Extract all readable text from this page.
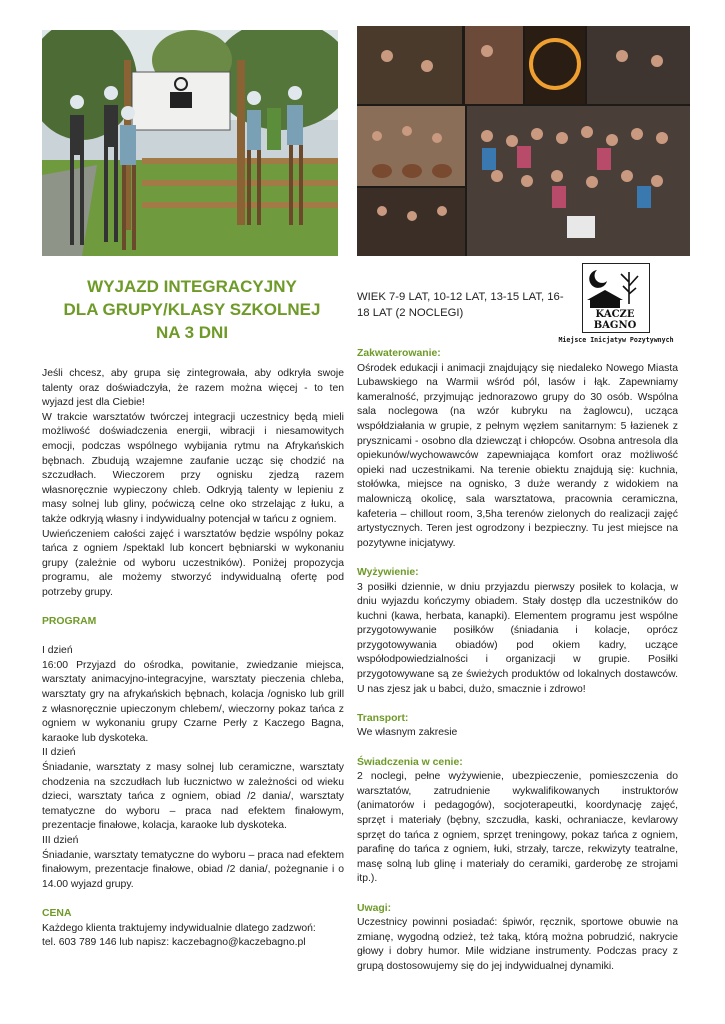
WYJAZD INTEGRACYJNY
DLA GRUPY/KLASY SZKOLNEJ
NA 3 DNI
WIEK 7-9 LAT, 10-12 LAT, 13-15 LAT, 16-18 LAT (2 NOCLEGI)	KACZE
BAGNO
Miejsce Inicjatyw Pozytywnych

Jeśli chcesz, aby grupa się zintegrowała, aby odkryła swoje talenty oraz doświadczyła, że razem można więcej - to ten wyjazd jest dla Ciebie!

W trakcie warsztatów twórczej integracji uczestnicy będą mieli możliwość doświadczenia energii, wibracji i niesamowitych emocji, podczas wspólnego wybijania rytmu na Afrykańskich bębnach. Zbudują wzajemne zaufanie ucząc się chodzić na szczudłach. Wieczorem przy ognisku zjedzą razem własnoręcznie wypieczony chleb. Odkryją talenty w lepieniu z masy solnej lub gliny, poćwiczą celne oko strzelając z łuku, a także odkryją własny i indywidualny potencjał w tańcu z ogniem.

Uwieńczeniem całości zajęć i warsztatów będzie wspólny pokaz tańca z ogniem /spektakl lub koncert bębniarski w wykonaniu grupy (zależnie od wyboru uczestników). Poniżej propozycja programu, ale możemy stworzyć indywidualną ofertę pod potrzeby grupy.

PROGRAM

I dzień

16:00 Przyjazd do ośrodka, powitanie, zwiedzanie miejsca, warsztaty animacyjno-integracyjne, warsztaty pieczenia chleba, warsztaty gry na afrykańskich bębnach, kolacja /ognisko lub grill z własnoręcznie upieczonym chlebem/, wieczorny pokaz tańca z ogniem w wykonaniu grupy Czarne Perły z Kaczego Bagna, karaoke lub dyskoteka.

II dzień

Śniadanie, warsztaty z masy solnej lub ceramiczne, warsztaty chodzenia na szczudłach lub łucznictwo w zależności od wieku dzieci, warsztaty tańca z ogniem, obiad /2 dania/, warsztaty tematyczne do wyboru – praca nad efektem finałowym, prezentacje finałowe, kolacja, karaoke lub dyskoteka.

III dzień

Śniadanie, warsztaty tematyczne do wyboru – praca nad efektem finałowym, prezentacje finałowe, obiad /2 dania/, pożegnanie i o 14.00 wyjazd grupy.

CENA

Każdego klienta traktujemy indywidualnie dlatego zadzwoń:

tel. 603 789 146 lub napisz: kaczebagno@kaczebagno.pl

Zakwaterowanie:

Ośrodek edukacji i animacji znajdujący się niedaleko Nowego Miasta Lubawskiego na Warmii wśród pól, lasów i łąk. Zapewniamy kameralność, przyjmując jednorazowo grupy do 30 osób. Wspólna sala noclegowa (na wzór kubryku na żaglowcu), ucząca współdziałania w grupie, z pełnym węzłem sanitarnym: 5 łazienek z prysznicami - osobno dla dziewcząt i chłopców. Osobna antresola dla opiekunów/wychowawców zapewniająca komfort oraz możliwość opieki nad uczestnikami. Na terenie obiektu znajdują się: kuchnia, stołówka, miejsce na ognisko, 3 duże werandy z widokiem na malowniczą okolicę, sala warsztatowa, pracownia ceramiczna, kafeteria – chillout room, 3,5ha terenów zielonych do realizacji zajęć artystycznych. Teren jest ogrodzony i bezpieczny. Tu jest miejsce na pozytywne inicjatywy.

Wyżywienie:

3 posiłki dziennie, w dniu przyjazdu pierwszy posiłek to kolacja, w dniu wyjazdu kończymy obiadem. Stały dostęp dla uczestników do kuchni (kawa, herbata, kanapki). Elementem programu jest wspólne przygotowywanie posiłków (śniadania i kolacje, oprócz przygotowywania obiadów) pod okiem kadry, uczące współodpowiedzialności i organizacji w grupie. Posiłki przygotowywane są ze świeżych produktów od lokalnych dostawców. U nas zjesz jak u babci, dużo, smacznie i zdrowo!

Transport:

We własnym zakresie

Świadczenia w cenie:

2 noclegi, pełne wyżywienie, ubezpieczenie, pomieszczenia do warsztatów, zatrudnienie wykwalifikowanych instruktorów (animatorów i pedagogów), socjoterapeutki, koordynację zajęć, sprzęt i materiały (bębny, szczudła, kaski, ochraniacze, kevlarowy sprzęt do tańca z ogniem, sprzęt treningowy, pokaz tańca z ogniem, parafinę do tańca z ogniem, łuki, strzały, tarcze, rekwizyty teatralne, masę solną lub glinę i materiały do ceramiki, garderobę ze strojami itp.).

Uwagi:

Uczestnicy powinni posiadać: śpiwór, ręcznik, sportowe obuwie na zmianę, wygodną odzież, też taką, którą można pobrudzić, nakrycie głowy i dobry humor. Mile widziane instrumenty. Podczas pracy z grupą dostosowujemy się do jej indywidualnej dynamiki.
